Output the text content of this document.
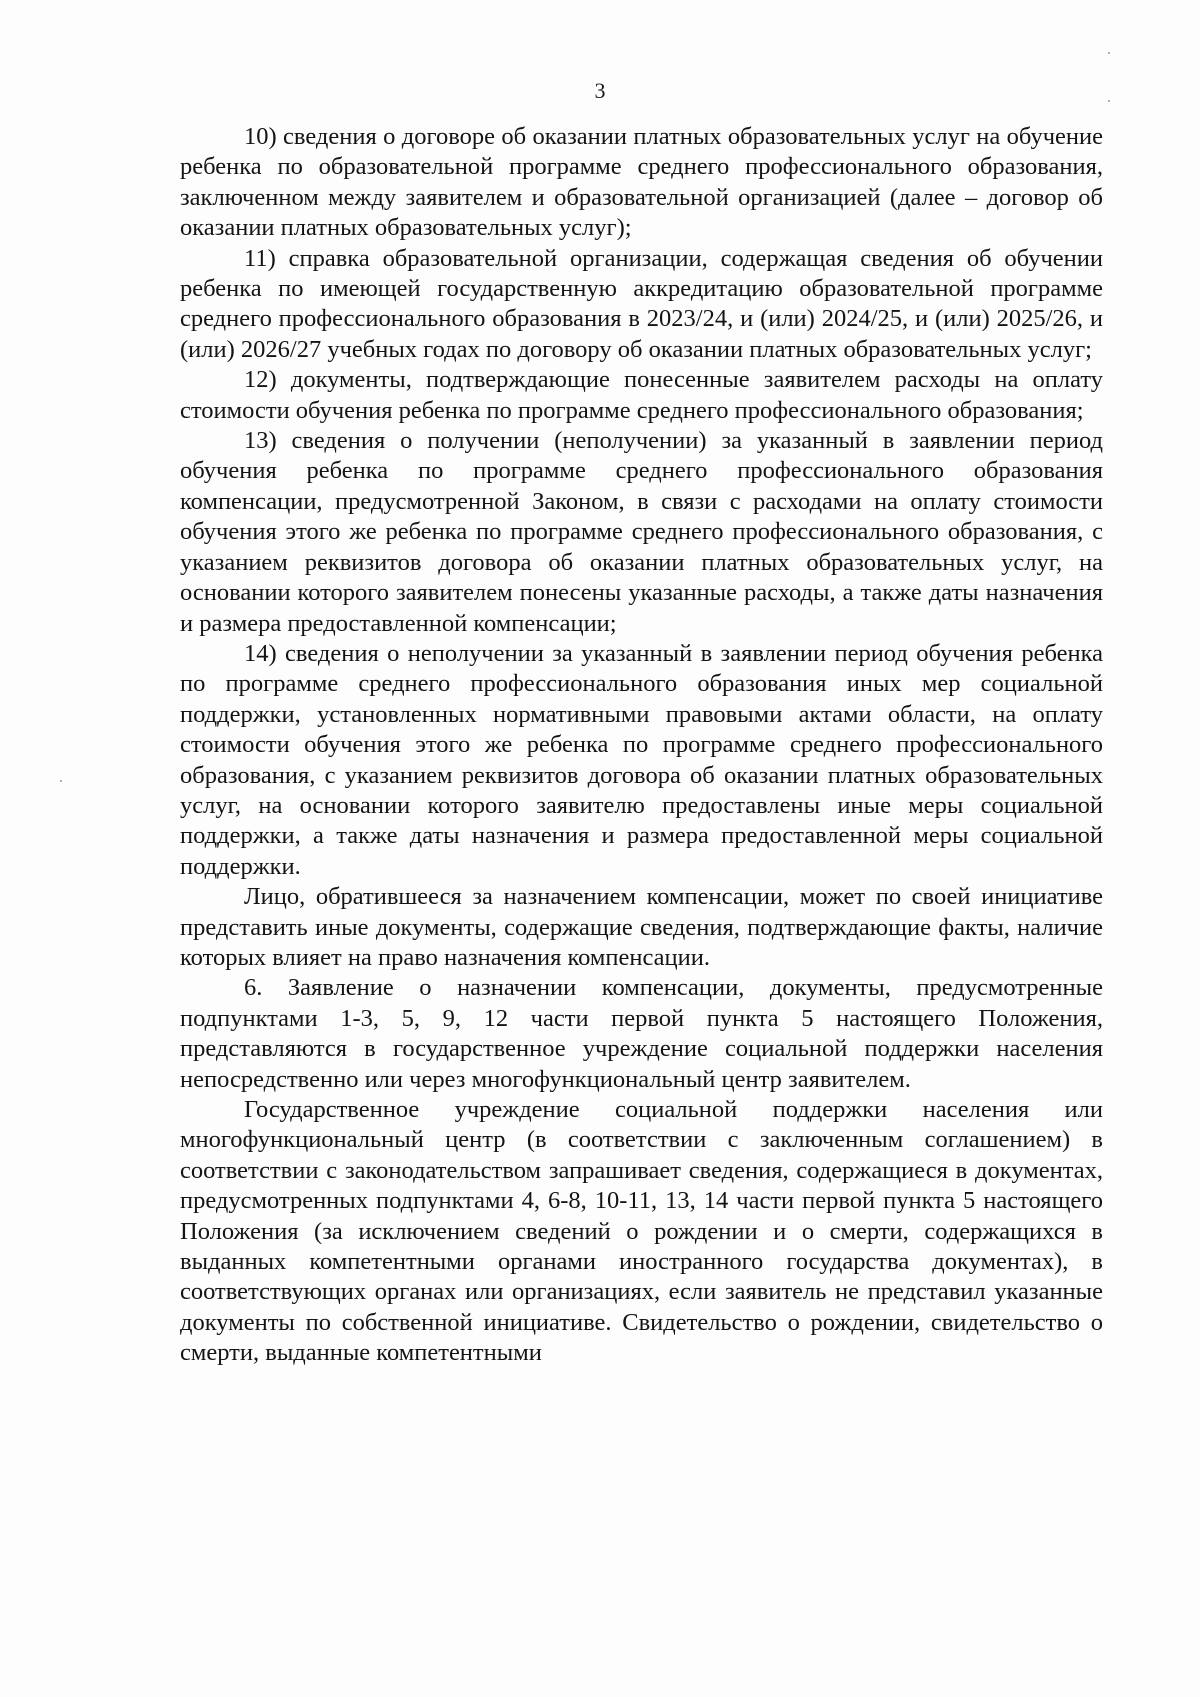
3

10) сведения о договоре об оказании платных образовательных услуг на обучение ребенка по образовательной программе среднего профессионального образования, заключенном между заявителем и образовательной организацией (далее – договор об оказании платных образовательных услуг);

11) справка образовательной организации, содержащая сведения об обучении ребенка по имеющей государственную аккредитацию образовательной программе среднего профессионального образования в 2023/24, и (или) 2024/25, и (или) 2025/26, и (или) 2026/27 учебных годах по договору об оказании платных образовательных услуг;

12) документы, подтверждающие понесенные заявителем расходы на оплату стоимости обучения ребенка по программе среднего профессионального образования;

13) сведения о получении (неполучении) за указанный в заявлении период обучения ребенка по программе среднего профессионального образования компенсации, предусмотренной Законом, в связи с расходами на оплату стоимости обучения этого же ребенка по программе среднего профессионального образования, с указанием реквизитов договора об оказании платных образовательных услуг, на основании которого заявителем понесены указанные расходы, а также даты назначения и размера предоставленной компенсации;

14) сведения о неполучении за указанный в заявлении период обучения ребенка по программе среднего профессионального образования иных мер социальной поддержки, установленных нормативными правовыми актами области, на оплату стоимости обучения этого же ребенка по программе среднего профессионального образования, с указанием реквизитов договора об оказании платных образовательных услуг, на основании которого заявителю предоставлены иные меры социальной поддержки, а также даты назначения и размера предоставленной меры социальной поддержки.

Лицо, обратившееся за назначением компенсации, может по своей инициативе представить иные документы, содержащие сведения, подтверждающие факты, наличие которых влияет на право назначения компенсации.

6. Заявление о назначении компенсации, документы, предусмотренные подпунктами 1-3, 5, 9, 12 части первой пункта 5 настоящего Положения, представляются в государственное учреждение социальной поддержки населения непосредственно или через многофункциональный центр заявителем.

Государственное учреждение социальной поддержки населения или многофункциональный центр (в соответствии с заключенным соглашением) в соответствии с законодательством запрашивает сведения, содержащиеся в документах, предусмотренных подпунктами 4, 6-8, 10-11, 13, 14 части первой пункта 5 настоящего Положения (за исключением сведений о рождении и о смерти, содержащихся в выданных компетентными органами иностранного государства документах), в соответствующих органах или организациях, если заявитель не представил указанные документы по собственной инициативе. Свидетельство о рождении, свидетельство о смерти, выданные компетентными
